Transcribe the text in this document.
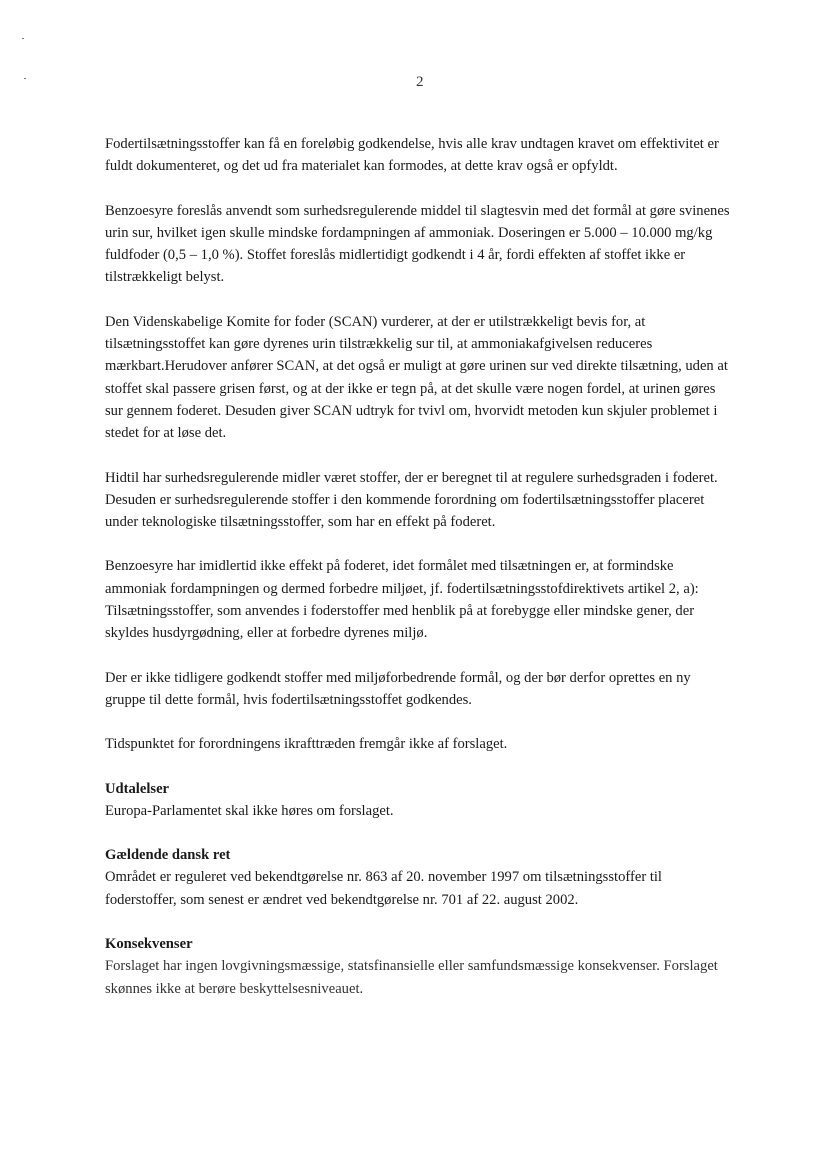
2

Fodertilsætningsstoffer kan få en foreløbig godkendelse, hvis alle krav undtagen kravet om effektivitet er fuldt dokumenteret, og det ud fra materialet kan formodes, at dette krav også er opfyldt.

Benzoesyre foreslås anvendt som surhedsregulerende middel til slagtesvin med det formål at gøre svinenes urin sur, hvilket igen skulle mindske fordampningen af ammoniak. Doseringen er 5.000 – 10.000 mg/kg fuldfoder (0,5 – 1,0 %). Stoffet foreslås midlertidigt godkendt i 4 år, fordi effekten af stoffet ikke er tilstrækkeligt belyst.

Den Videnskabelige Komite for foder (SCAN) vurderer, at der er utilstrækkeligt bevis for, at tilsætningsstoffet kan gøre dyrenes urin tilstrækkelig sur til, at ammoniakafgivelsen reduceres mærkbart.Herudover anfører SCAN, at det også er muligt at gøre urinen sur ved direkte tilsætning, uden at stoffet skal passere grisen først, og at der ikke er tegn på, at det skulle være nogen fordel, at urinen gøres sur gennem foderet. Desuden giver SCAN udtryk for tvivl om, hvorvidt metoden kun skjuler problemet i stedet for at løse det.

Hidtil har surhedsregulerende midler været stoffer, der er beregnet til at regulere surhedsgraden i foderet. Desuden er surhedsregulerende stoffer i den kommende forordning om fodertilsætningsstoffer placeret under teknologiske tilsætningsstoffer, som har en effekt på foderet.

Benzoesyre har imidlertid ikke effekt på foderet, idet formålet med tilsætningen er, at formindske ammoniak fordampningen og dermed forbedre miljøet, jf. fodertilsætningsstofdirektivets artikel 2, a): Tilsætningsstoffer, som anvendes i foderstoffer med henblik på at forebygge eller mindske gener, der skyldes husdyrgødning, eller at forbedre dyrenes miljø.

Der er ikke tidligere godkendt stoffer med miljøforbedrende formål, og der bør derfor oprettes en ny gruppe til dette formål, hvis fodertilsætningsstoffet godkendes.

Tidspunktet for forordningens ikrafttræden fremgår ikke af forslaget.

Udtalelser

Europa-Parlamentet skal ikke høres om forslaget.

Gældende dansk ret

Området er reguleret ved bekendtgørelse nr. 863 af 20. november 1997 om tilsætningsstoffer til foderstoffer, som senest er ændret ved bekendtgørelse nr. 701 af 22. august 2002.

Konsekvenser

Forslaget har ingen lovgivningsmæssige, statsfinansielle eller samfundsmæssige konsekvenser. Forslaget skønnes ikke at berøre beskyttelsesniveauet.
